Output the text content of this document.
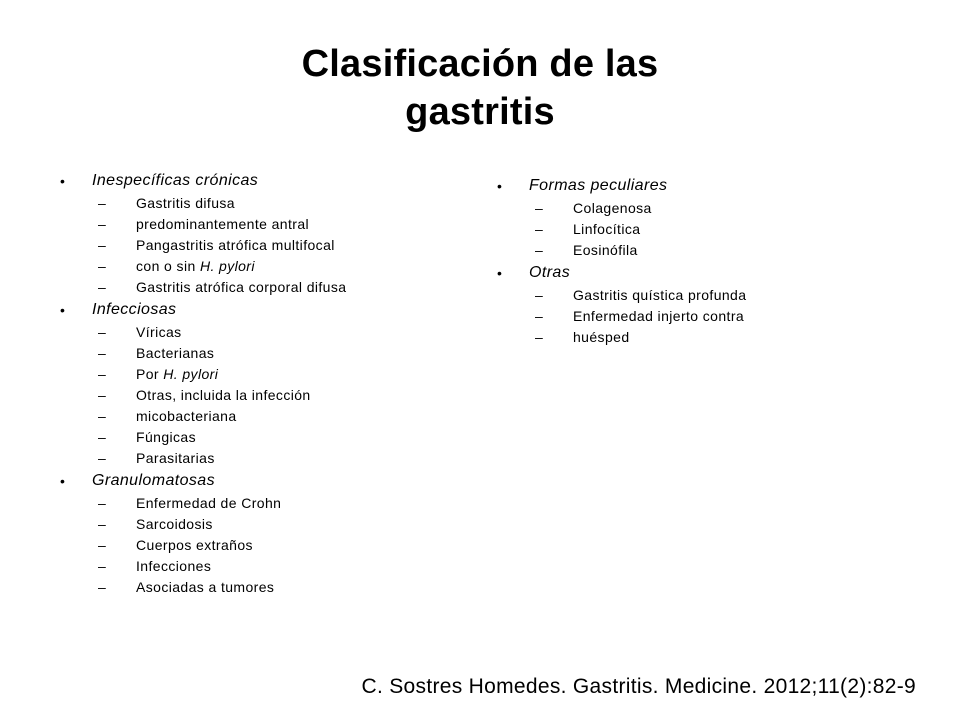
Clasificación de las
gastritis
• Inespecíficas crónicas
– Gastritis difusa
– predominantemente antral
– Pangastritis atrófica multifocal
– con o sin H. pylori
– Gastritis atrófica corporal difusa
• Infecciosas
– Víricas
– Bacterianas
– Por H. pylori
– Otras, incluida la infección
– micobacteriana
– Fúngicas
– Parasitarias
• Granulomatosas
– Enfermedad de Crohn
– Sarcoidosis
– Cuerpos extraños
– Infecciones
– Asociadas a tumores
• Formas peculiares
– Colagenosa
– Linfocítica
– Eosinófila
• Otras
– Gastritis quística profunda
– Enfermedad injerto contra
– huésped
C. Sostres Homedes. Gastritis. Medicine. 2012;11(2):82-9
